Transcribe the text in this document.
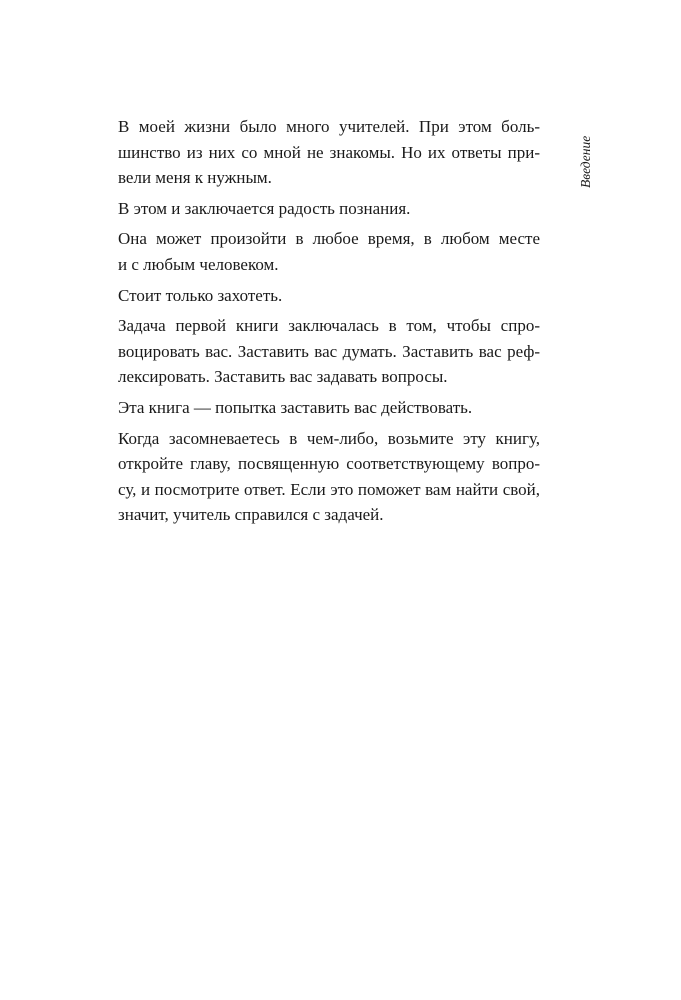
Введение

В моей жизни было много учителей. При этом боль-
шинство из них со мной не знакомы. Но их ответы при-
вели меня к нужным.

В этом и заключается радость познания.

Она может произойти в любое время, в любом месте
и с любым человеком.

Стоит только захотеть.

Задача первой книги заключалась в том, чтобы спро-
воцировать вас. Заставить вас думать. Заставить вас реф-
лексировать. Заставить вас задавать вопросы.

Эта книга — попытка заставить вас действовать.

Когда засомневаетесь в чем-либо, возьмите эту книгу,
откройте главу, посвященную соответствующему вопро-
су, и посмотрите ответ. Если это поможет вам найти свой,
значит, учитель справился с задачей.
